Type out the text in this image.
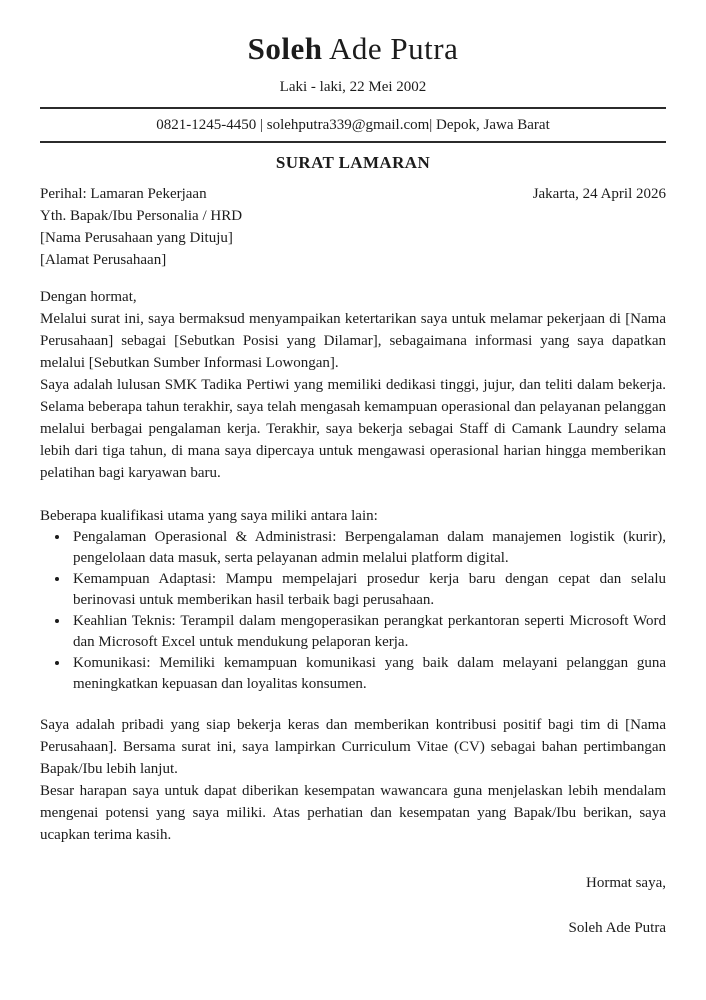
Soleh Ade Putra
Laki - laki, 22 Mei 2002
0821-1245-4450 | solehputra339@gmail.com| Depok, Jawa Barat
SURAT LAMARAN
Perihal: Lamaran Pekerjaan	Jakarta, 24 April 2026
Yth. Bapak/Ibu Personalia / HRD
[Nama Perusahaan yang Dituju]
[Alamat Perusahaan]
Dengan hormat,

Melalui surat ini, saya bermaksud menyampaikan ketertarikan saya untuk melamar pekerjaan di [Nama Perusahaan] sebagai [Sebutkan Posisi yang Dilamar], sebagaimana informasi yang saya dapatkan melalui [Sebutkan Sumber Informasi Lowongan].

Saya adalah lulusan SMK Tadika Pertiwi yang memiliki dedikasi tinggi, jujur, dan teliti dalam bekerja. Selama beberapa tahun terakhir, saya telah mengasah kemampuan operasional dan pelayanan pelanggan melalui berbagai pengalaman kerja. Terakhir, saya bekerja sebagai Staff di Camank Laundry selama lebih dari tiga tahun, di mana saya dipercaya untuk mengawasi operasional harian hingga memberikan pelatihan bagi karyawan baru.

Beberapa kualifikasi utama yang saya miliki antara lain:
• Pengalaman Operasional & Administrasi: Berpengalaman dalam manajemen logistik (kurir), pengelolaan data masuk, serta pelayanan admin melalui platform digital.
• Kemampuan Adaptasi: Mampu mempelajari prosedur kerja baru dengan cepat dan selalu berinovasi untuk memberikan hasil terbaik bagi perusahaan.
• Keahlian Teknis: Terampil dalam mengoperasikan perangkat perkantoran seperti Microsoft Word dan Microsoft Excel untuk mendukung pelaporan kerja.
• Komunikasi: Memiliki kemampuan komunikasi yang baik dalam melayani pelanggan guna meningkatkan kepuasan dan loyalitas konsumen.

Saya adalah pribadi yang siap bekerja keras dan memberikan kontribusi positif bagi tim di [Nama Perusahaan]. Bersama surat ini, saya lampirkan Curriculum Vitae (CV) sebagai bahan pertimbangan Bapak/Ibu lebih lanjut.

Besar harapan saya untuk dapat diberikan kesempatan wawancara guna menjelaskan lebih mendalam mengenai potensi yang saya miliki. Atas perhatian dan kesempatan yang Bapak/Ibu berikan, saya ucapkan terima kasih.

Hormat saya,
Soleh Ade Putra
